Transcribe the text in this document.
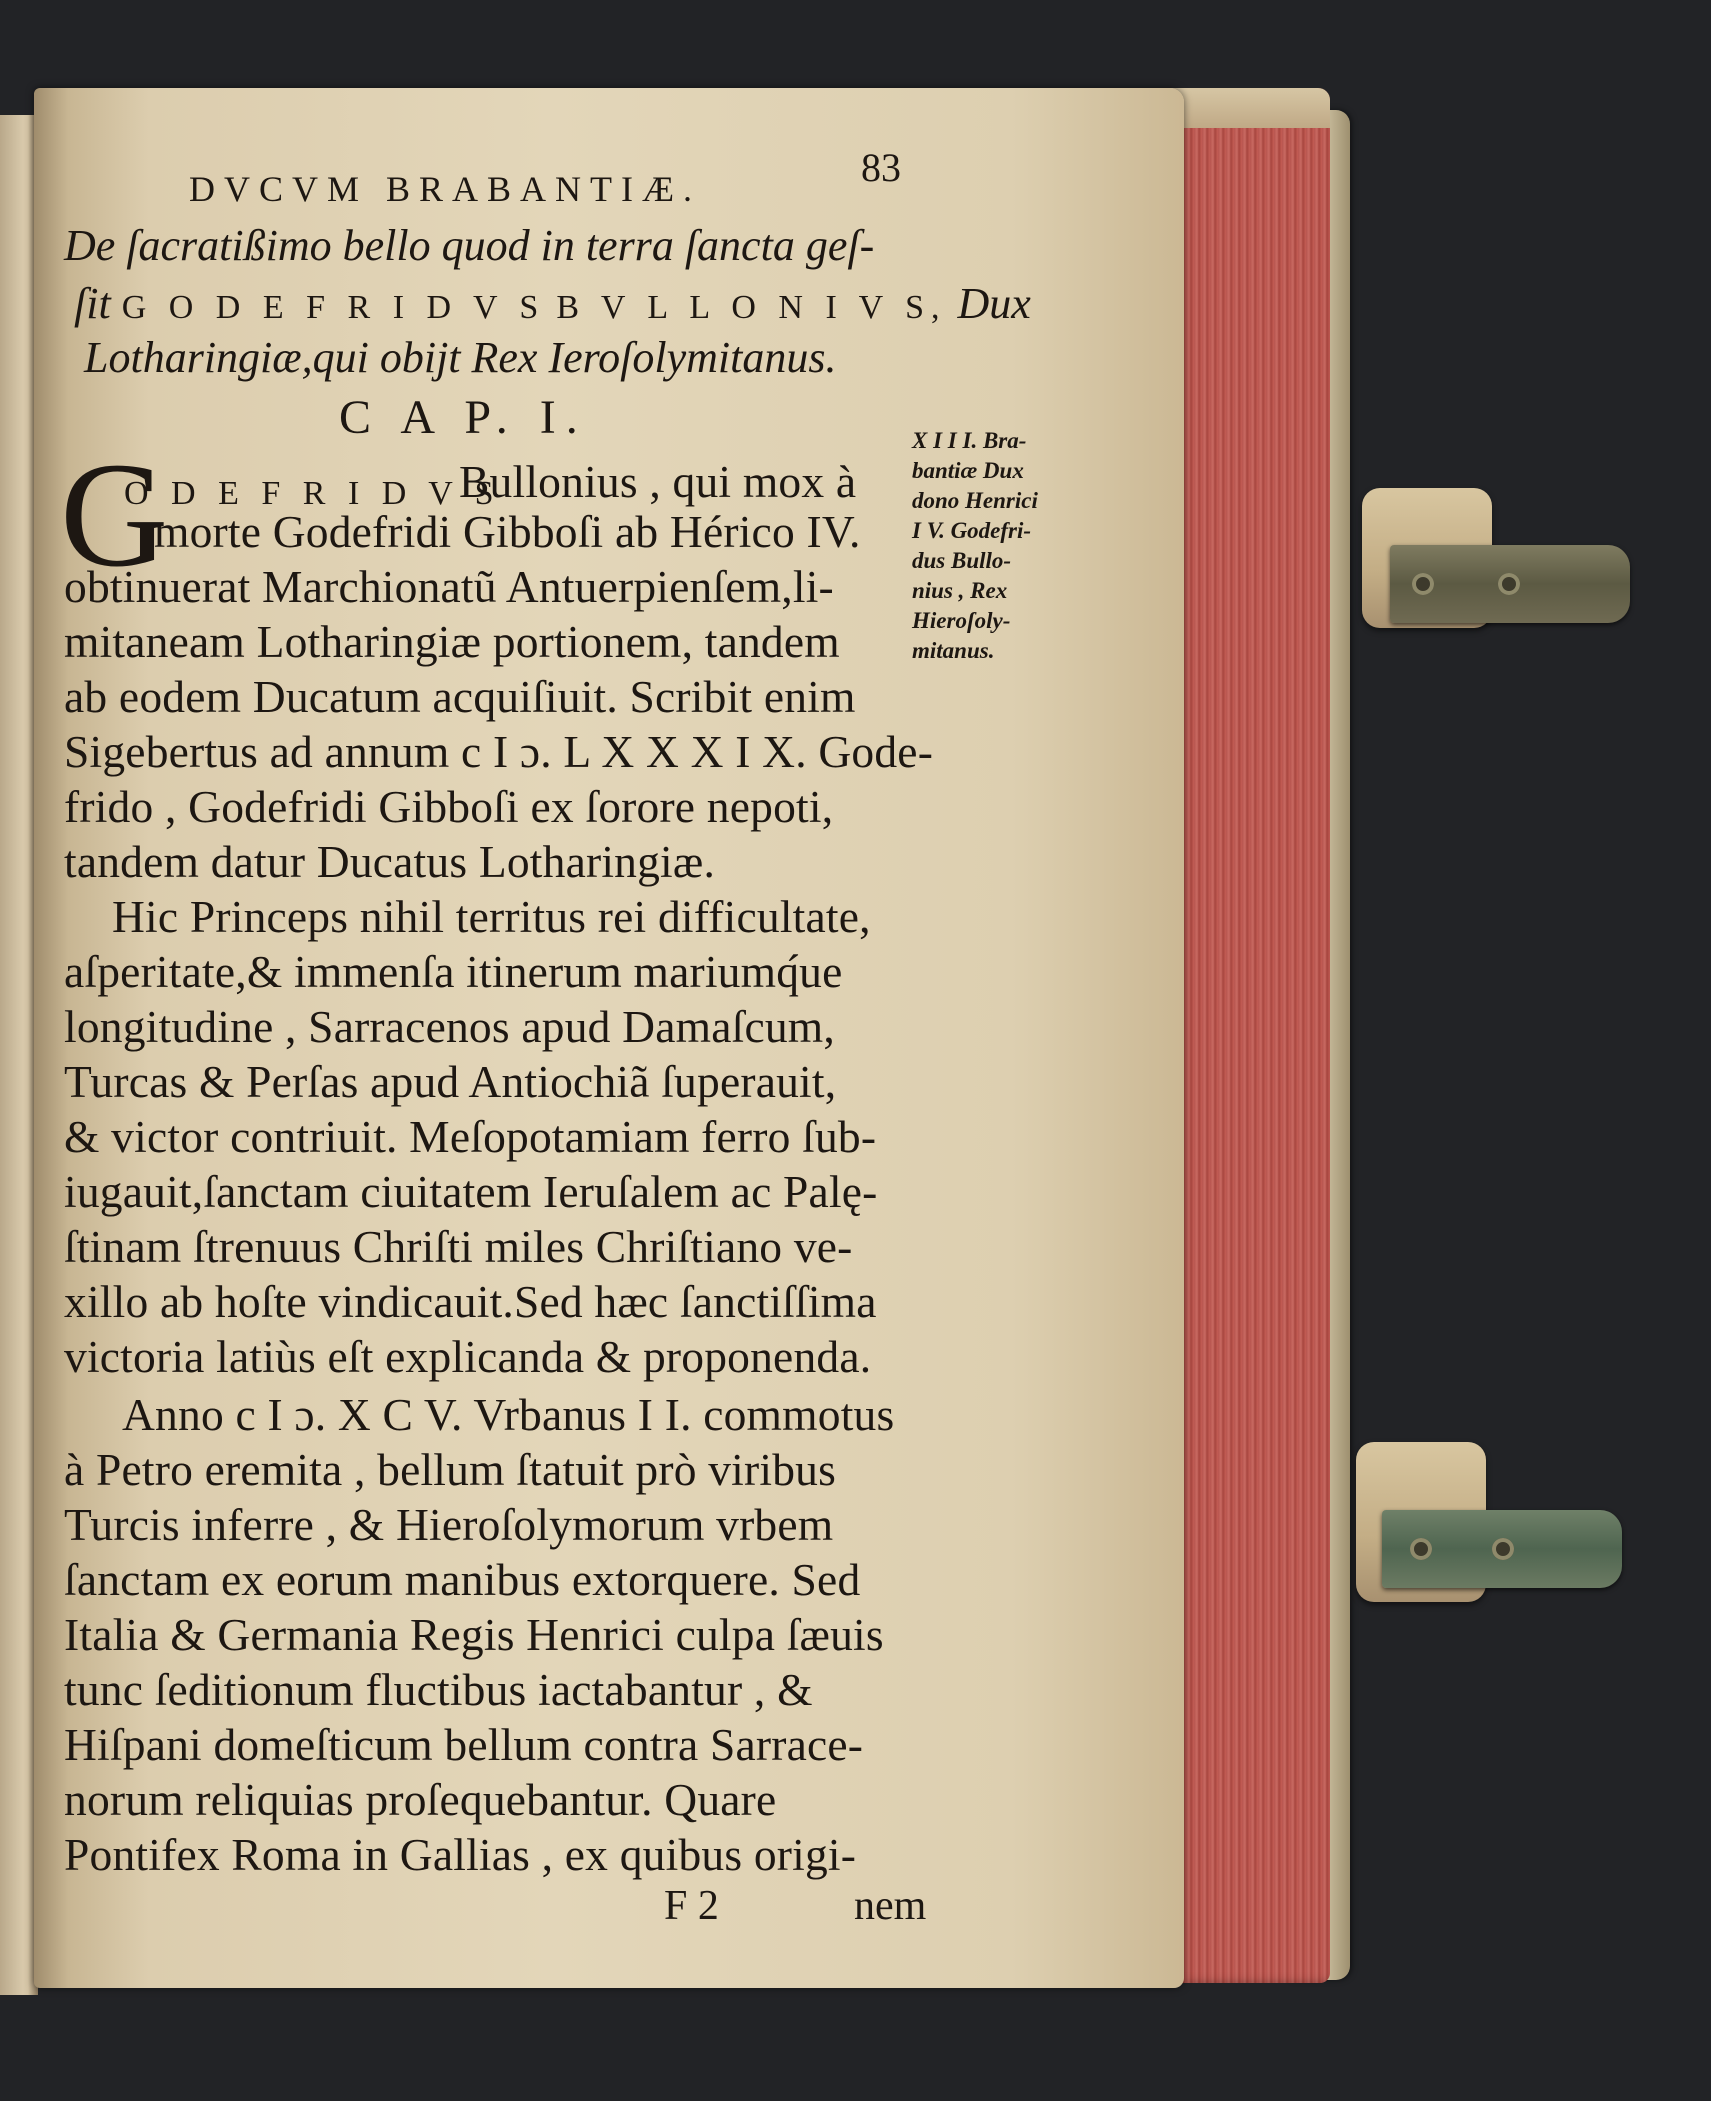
DVCVM BRABANTIÆ.	83
De ſacratißimo bello quod in terra ſancta geſ-
ſit G O D E F R I D V S B V L L O N I V S, Dux
Lotharingiæ,qui obijt Rex Ieroſolymitanus.
C A P. I.
G
O D E F R I D V S
Bullonius , qui mox à
morte Godefridi Gibboſi ab Hérico IV.
obtinuerat Marchionatũ Antuerpienſem,li-
mitaneam Lotharingiæ portionem, tandem
ab eodem Ducatum acquiſiuit. Scribit enim
Sigebertus ad annum c I ɔ. L X X X I X. Gode-
frido , Godefridi Gibboſi ex ſorore nepoti,
tandem datur Ducatus Lotharingiæ.
Hic Princeps nihil territus rei difficultate,
aſperitate,& immenſa itinerum mariumq́ue
longitudine , Sarracenos apud Damaſcum,
Turcas & Perſas apud Antiochiã ſuperauit,
& victor contriuit. Meſopotamiam ferro ſub-
iugauit,ſanctam ciuitatem Ieruſalem ac Palę-
ſtinam ſtrenuus Chriſti miles Chriſtiano ve-
xillo ab hoſte vindicauit.Sed hæc ſanctiſſima
victoria latiùs eſt explicanda & proponenda.
Anno c I ɔ. X C V. Vrbanus I I. commotus
à Petro eremita , bellum ſtatuit prò viribus
Turcis inferre , & Hieroſolymorum vrbem
ſanctam ex eorum manibus extorquere. Sed
Italia & Germania Regis Henrici culpa ſæuis
tunc ſeditionum fluctibus iactabantur , &
Hiſpani domeſticum bellum contra Sarrace-
norum reliquias proſequebantur. Quare
Pontifex Roma in Gallias , ex quibus origi-
F 2	nem
X I I I. Bra-
bantiæ Dux
dono Henrici
I V. Godefri-
dus Bullo-
nius , Rex
Hieroſoly-
mitanus.
